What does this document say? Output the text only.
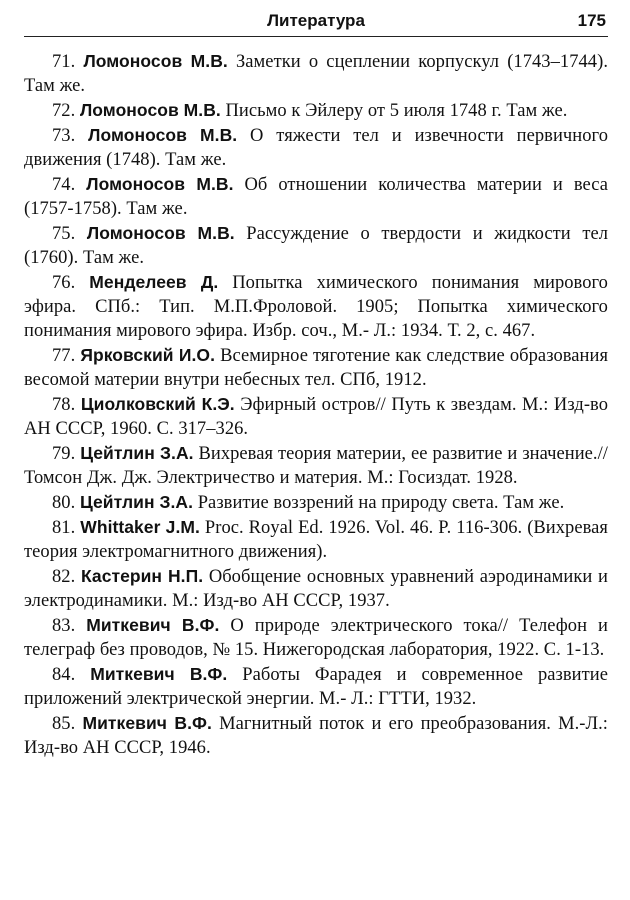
Литература	175

71. Ломоносов М.В. Заметки о сцеплении корпускул (1743–1744). Там же.

72. Ломоносов М.В. Письмо к Эйлеру от 5 июля 1748 г. Там же.

73. Ломоносов М.В. О тяжести тел и извечности первичного движения (1748). Там же.

74. Ломоносов М.В. Об отношении количества материи и веса (1757-1758). Там же.

75. Ломоносов М.В. Рассуждение о твердости и жидкости тел (1760). Там же.

76. Менделеев Д. Попытка химического понимания мирового эфира. СПб.: Тип. М.П.Фроловой. 1905; Попытка химического понимания мирового эфира. Избр. соч., М.- Л.: 1934. Т. 2, с. 467.

77. Ярковский И.О. Всемирное тяготение как следствие образования весомой материи внутри небесных тел. СПб, 1912.

78. Циолковский К.Э. Эфирный остров// Путь к звездам. М.: Изд-во АН СССР, 1960. С. 317–326.

79. Цейтлин З.А. Вихревая теория материи, ее развитие и значение.// Томсон Дж. Дж. Электричество и материя. М.: Госиздат. 1928.

80. Цейтлин З.А. Развитие воззрений на природу света. Там же.

81. Whittaker J.M. Proc. Royal Ed. 1926. Vol. 46. P. 116-306. (Вихревая теория электромагнитного движения).

82. Кастерин Н.П. Обобщение основных уравнений аэродинамики и электродинамики. М.: Изд-во АН СССР, 1937.

83. Миткевич В.Ф. О природе электрического тока// Телефон и телеграф без проводов, № 15. Нижегородская лаборатория, 1922. С. 1-13.

84. Миткевич В.Ф. Работы Фарадея и современное развитие приложений электрической энергии. М.- Л.: ГТТИ, 1932.

85. Миткевич В.Ф. Магнитный поток и его преобразования. М.-Л.: Изд-во АН СССР, 1946.
